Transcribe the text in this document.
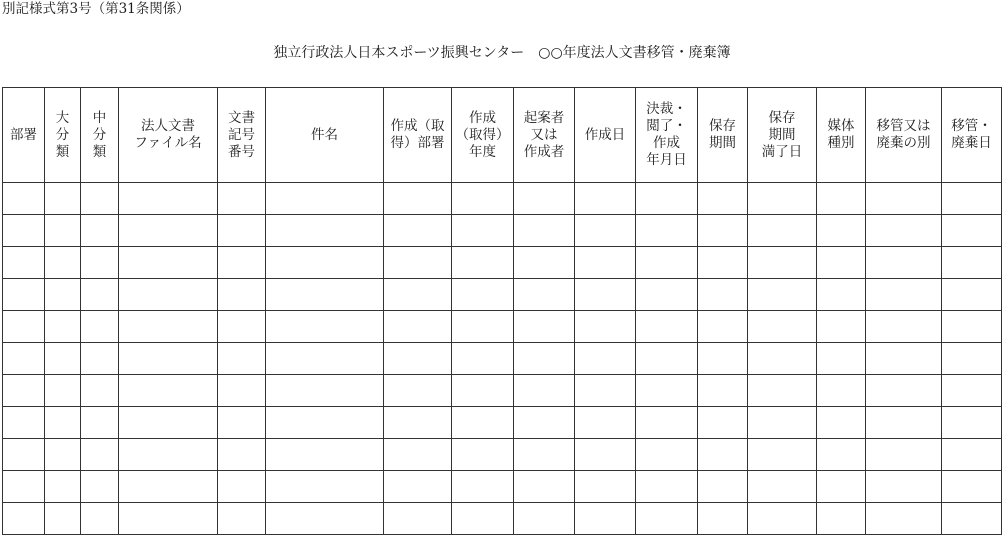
別記様式第3号（第31条関係）
独立行政法人日本スポーツ振興センター　○○年度法人文書移管・廃棄簿
部署	大
分
類	中
分
類	法人文書
ファイル名	文書
記号
番号	件名	作成（取
得）部署	作成
（取得）
年度	起案者
又は
作成者	作成日	決裁・
閲了・
作成
年月日	保存
期間	保存
期間
満了日	媒体
種別	移管又は
廃棄の別	移管・
廃棄日
